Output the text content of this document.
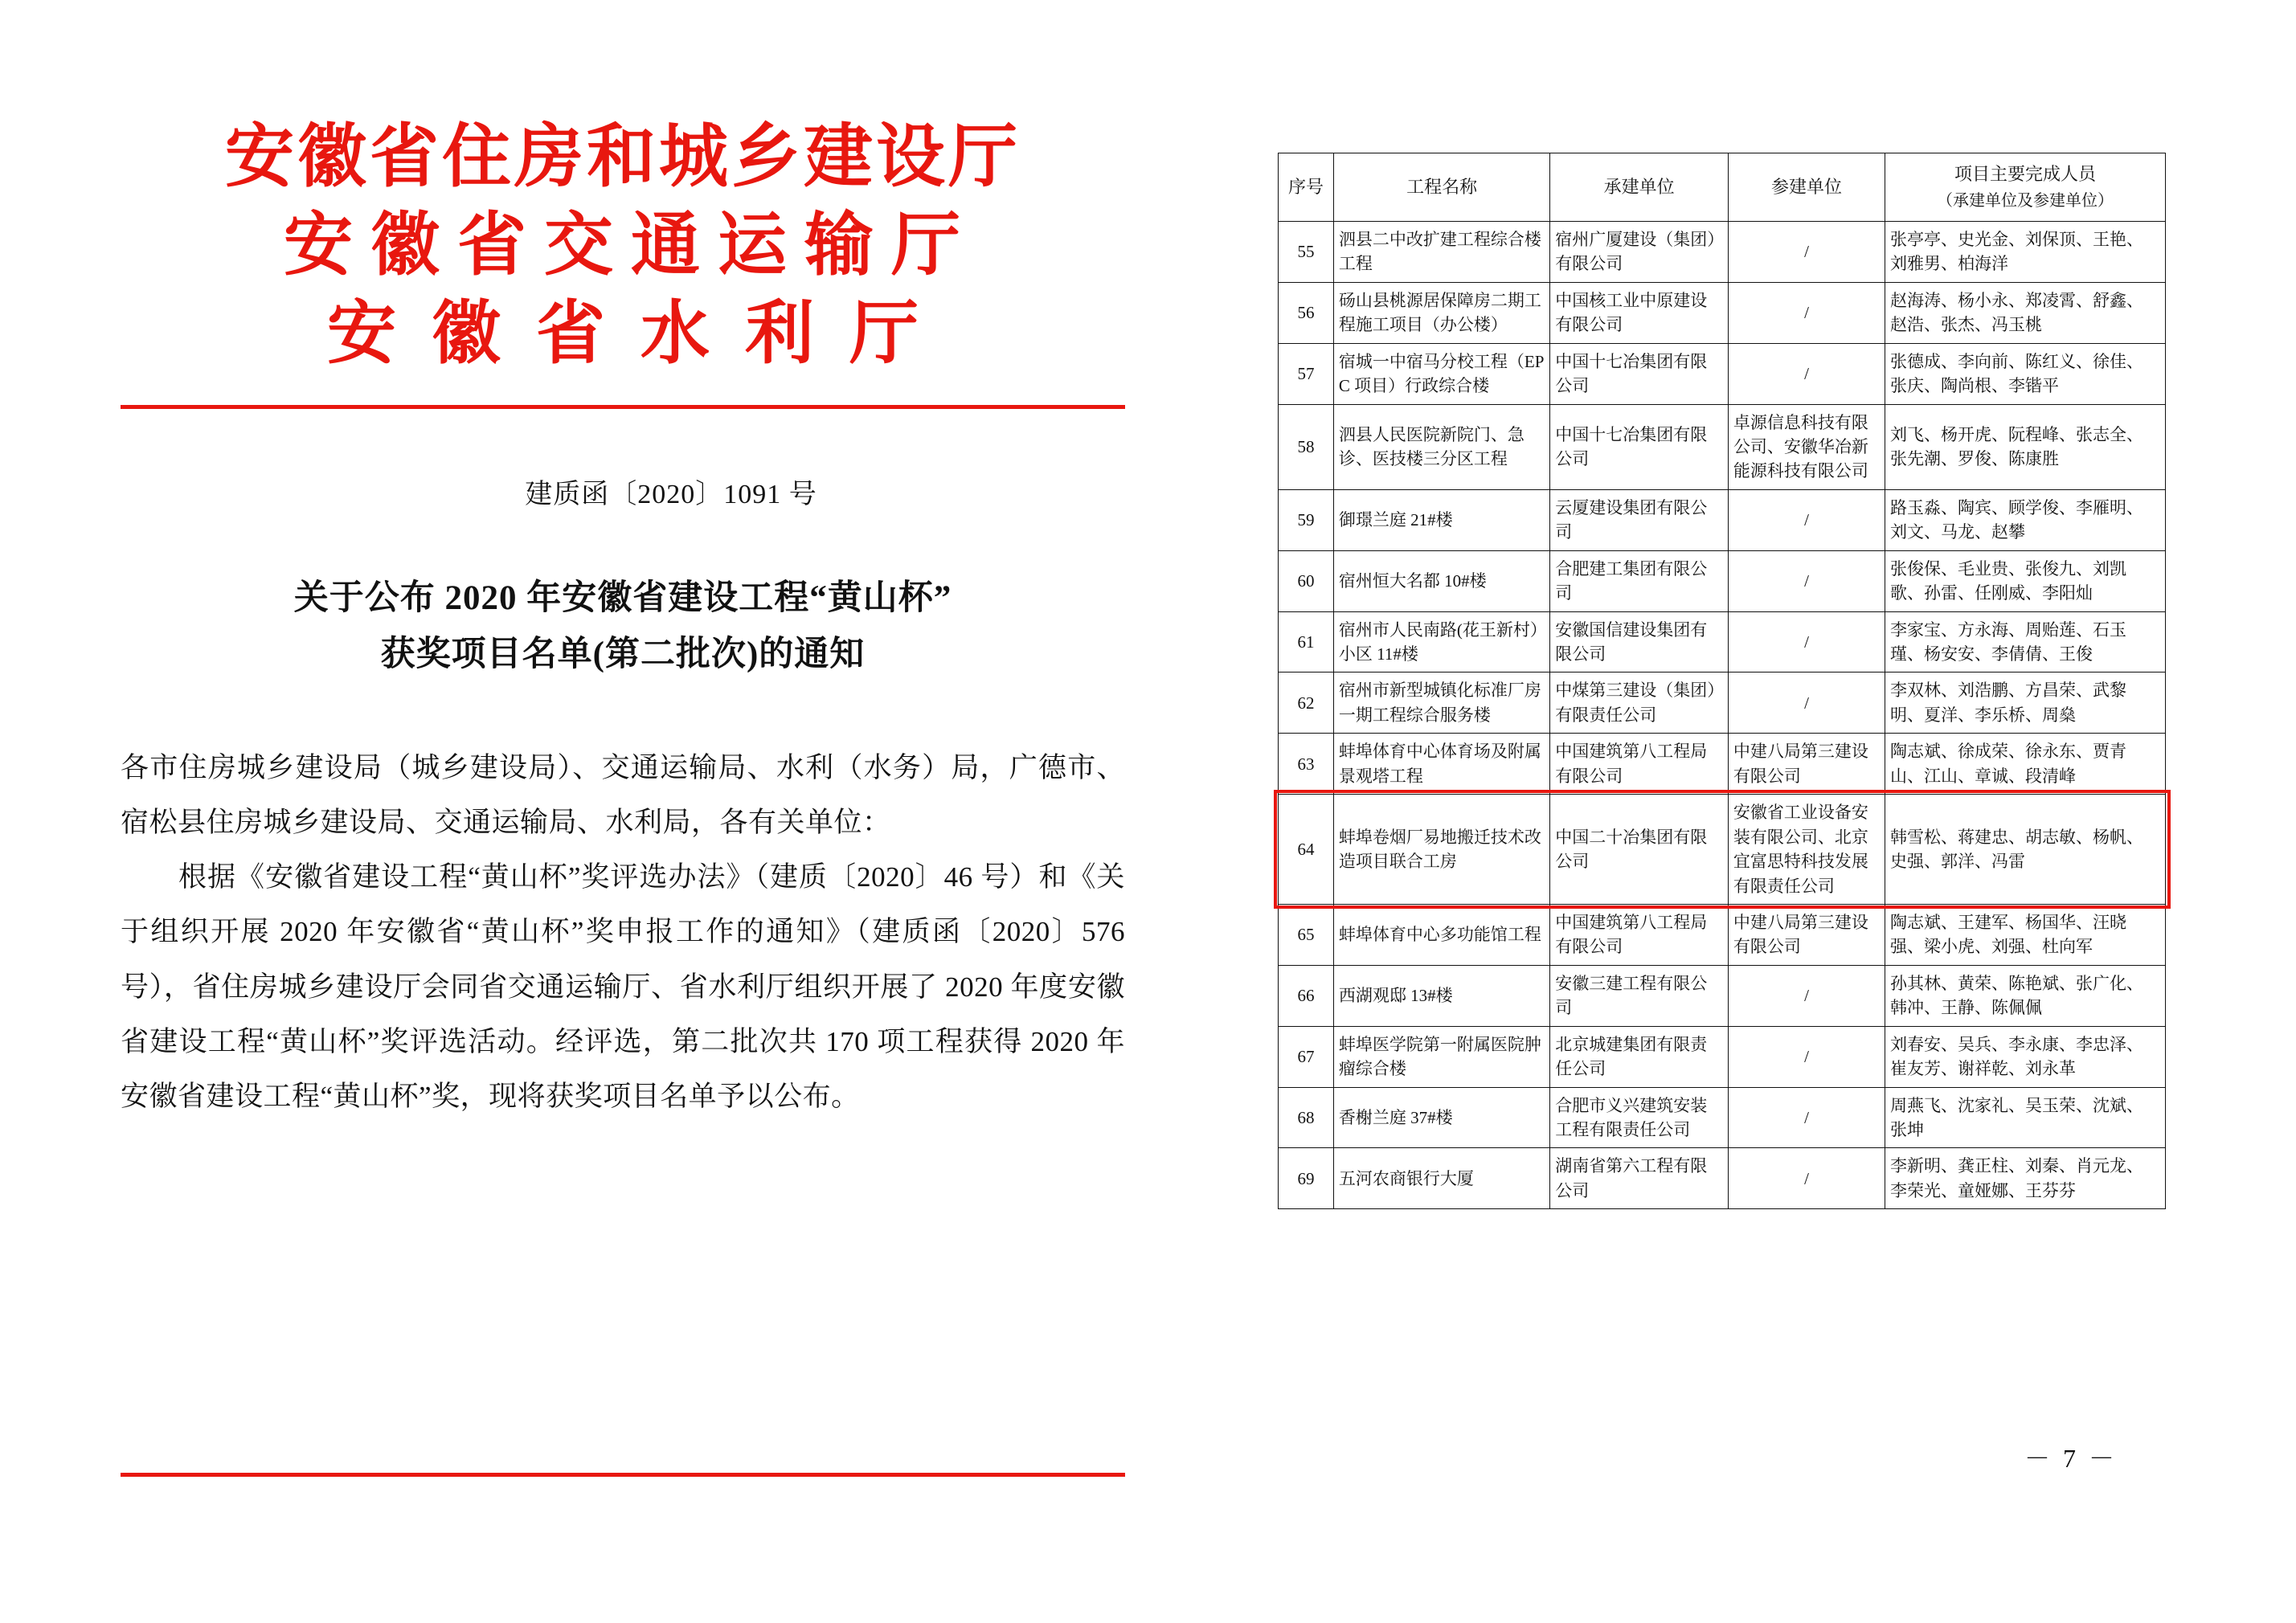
安徽省住房和城乡建设厅
安徽省交通运输厅
安徽省水利厅
建质函〔2020〕1091 号
关于公布 2020 年安徽省建设工程“黄山杯”
获奖项目名单(第二批次)的通知

各市住房城乡建设局（城乡建设局）、交通运输局、水利（水务）局，广德市、宿松县住房城乡建设局、交通运输局、水利局，各有关单位：

根据《安徽省建设工程“黄山杯”奖评选办法》（建质〔2020〕46 号）和《关于组织开展 2020 年安徽省“黄山杯”奖申报工作的通知》（建质函〔2020〕576 号），省住房城乡建设厅会同省交通运输厅、省水利厅组织开展了 2020 年度安徽省建设工程“黄山杯”奖评选活动。经评选，第二批次共 170 项工程获得 2020 年安徽省建设工程“黄山杯”奖，现将获奖项目名单予以公布。

序号	工程名称	承建单位	参建单位	项目主要完成人员
（承建单位及参建单位）

55	泗县二中改扩建工程综合楼工程	宿州广厦建设（集团）有限公司	/	张亭亭、史光金、刘保顶、王艳、刘雅男、柏海洋
56	砀山县桃源居保障房二期工程施工项目（办公楼）	中国核工业中原建设有限公司	/	赵海涛、杨小永、郑凌霄、舒鑫、赵浩、张杰、冯玉桃
57	宿城一中宿马分校工程（EPC 项目）行政综合楼	中国十七冶集团有限公司	/	张德成、李向前、陈红义、徐佳、张庆、陶尚根、李锴平
58	泗县人民医院新院门、急诊、医技楼三分区工程	中国十七冶集团有限公司	卓源信息科技有限公司、安徽华冶新能源科技有限公司	刘飞、杨开虎、阮程峰、张志全、张先潮、罗俊、陈康胜
59	御璟兰庭 21#楼	云厦建设集团有限公司	/	路玉淼、陶宾、顾学俊、李雁明、刘文、马龙、赵攀
60	宿州恒大名都 10#楼	合肥建工集团有限公司	/	张俊保、毛业贵、张俊九、刘凯歌、孙雷、任刚威、李阳灿
61	宿州市人民南路(花王新村）小区 11#楼	安徽国信建设集团有限公司	/	李家宝、方永海、周贻莲、石玉瑾、杨安安、李倩倩、王俊
62	宿州市新型城镇化标准厂房一期工程综合服务楼	中煤第三建设（集团）有限责任公司	/	李双林、刘浩鹏、方昌荣、武黎明、夏洋、李乐桥、周燊
63	蚌埠体育中心体育场及附属景观塔工程	中国建筑第八工程局有限公司	中建八局第三建设有限公司	陶志斌、徐成荣、徐永东、贾青山、江山、章诚、段清峰
64	蚌埠卷烟厂易地搬迁技术改造项目联合工房	中国二十冶集团有限公司	安徽省工业设备安装有限公司、北京宜富思特科技发展有限责任公司	韩雪松、蒋建忠、胡志敏、杨帆、史强、郭洋、冯雷
65	蚌埠体育中心多功能馆工程	中国建筑第八工程局有限公司	中建八局第三建设有限公司	陶志斌、王建军、杨国华、汪晓强、梁小虎、刘强、杜向军
66	西湖观邸 13#楼	安徽三建工程有限公司	/	孙其林、黄荣、陈艳斌、张广化、韩冲、王静、陈佩佩
67	蚌埠医学院第一附属医院肿瘤综合楼	北京城建集团有限责任公司	/	刘春安、吴兵、李永康、李忠泽、崔友芳、谢祥乾、刘永革
68	香榭兰庭 37#楼	合肥市义兴建筑安装工程有限责任公司	/	周燕飞、沈家礼、吴玉荣、沈斌、张坤
69	五河农商银行大厦	湖南省第六工程有限公司	/	李新明、龚正柱、刘秦、肖元龙、李荣光、童娅娜、王芬芬
－ 7 －
